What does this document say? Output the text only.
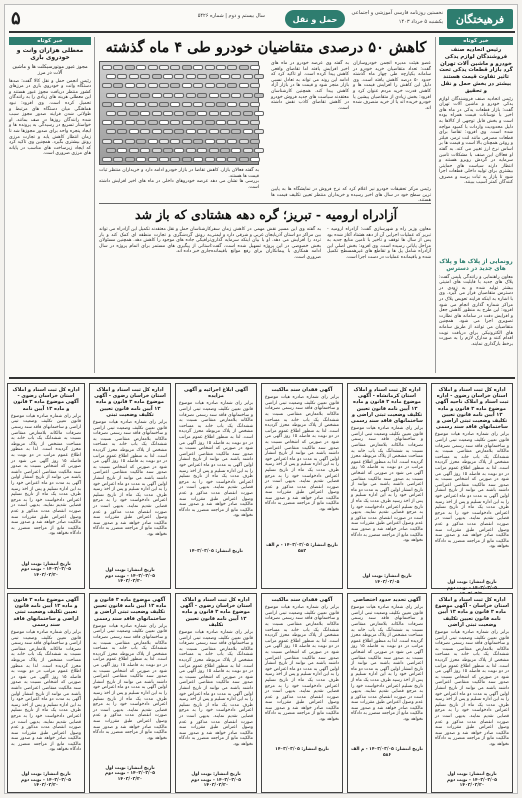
فرهیختگان
نخستین روزنامه فارسی آموزشی و اجتماعی
یکشنبه ۵ خرداد ۱۴۰۳
سال بیستم و دوم | شماره ۵۴۲۶	حمل و نقل
۵
خبر کوتاه
رئیس اتحادیه صنف فروشندگان لوازم یدکی خودرو و ماشین آلات تهران گرد بازار قطعات یدکی تحت تاثیر تفاوت قیمت هستند بیشتر در بخش حمل و نقل و تحقیق
رئیس اتحادیه صنف فروشندگان لوازم یدکی خودرو و ماشین آلات تهران گفت: بازار قطعات یدکی در ماه های اخیر با نوسانات قیمت همراه بوده است و بخش قابل توجهی از کالاها به دلیل محدودیت واردات با کمبود مواجه شده است. وی افزود: تقاضا برای قطعات مصرفی مانند لنت ترمز، فیلتر و روغن همچنان بالا است و قیمت ها بر اساس نرخ ارز تغییر می کند. به گفته او فعالان این صنف با مشکلات تامین سرمایه در گردش روبرو هستند و انتظار دارند سیاست های حمایتی بیشتری برای تولید داخلی قطعات اجرا شود تا بازار به ثبات برسد و مصرف کنندگان کمتر آسیب ببینند.
رونمایی از پلاک ها و پلاک های جدید در دسترس
معاون راهنمایی و رانندگی پلیس گفت: پلاک های جدید با قابلیت های امنیتی بیشتر تولید شده و به زودی در دسترس متقاضیان قرار می گیرد. وی با اشاره به اینکه فرایند تعویض پلاک در مراکز شماره گذاری انجام می شود افزود: این طرح به منظور کاهش جعل و افزایش دقت در سامانه های نظارت تصویری اجرا می شود. همچنین متقاضیان می توانند از طریق سامانه های الکترونیکی برای دریافت نوبت اقدام کنند و مدارک لازم را به صورت برخط بارگذاری نمایند.
خبر کوتاه
معطلی هزاران وانت و خودروی باری
مجوز عبور موتورسیکلت ها و ماشین آلات در مرز
رئیس انجمن حمل و نقل کالا گفت: صدها دستگاه وانت و خودروی باری در مرزهای کشور منتظر دریافت مجوز عبور هستند و این معطلی هزینه های زیادی را به رانندگان تحمیل کرده است. وی افزود: نبود هماهنگی میان دستگاه های مرتبط و طولانی شدن فرایند صدور مجوز سبب شده رانندگان روزها در صف بمانند. او خواستار تسریع در رسیدگی به پرونده ها و ایجاد پنجره واحد برای صدور مجوزها شد تا زمان انتظار کاهش یابد و تجارت مرزی رونق بیشتری بگیرد. همچنین وی تاکید کرد که ایجاد زیرساخت های مناسب در پایانه های مرزی ضروری است.
کاهش ۵۰ درصدی متقاضیان خودرو طی ۴ ماه گذشته
عضو هیئت مدیره انجمن خودروسازان گفت: تعداد متقاضیان خرید خودرو در سامانه یکپارچه طی چهار ماه گذشته حدود ۵۰ درصد کاهش یافته است. وی دلیل این کاهش را افزایش قیمت ها و کاهش قدرت خرید مردم عنوان کرد و افزود: بخش زیادی از متقاضیان پیشین یا خودرو خریده اند یا از خرید منصرف شده اند.
به گفته وی عرضه خودرو در ماه های اخیر افزایش یافته اما تقاضای واقعی کاهش پیدا کرده است. او تاکید کرد که ادامه این روند می تواند به تعادل نسبی بازار منجر شود و قیمت ها در بازار آزاد کاهش پیدا کند. همچنین کارشناسان معتقدند سیاست های جدید فروش خودرو در کاهش تقاضای کاذب نقش داشته است.
به گفته فعالان بازار، کاهش تقاضا در بازار خودرو ادامه دارد و خریداران منتظر ثبات قیمت ها هستند.
بررسی ها نشان می دهد عرضه خودروهای داخلی در ماه های اخیر افزایش داشته است.	رئیس مرکز تحقیقات خودرو نیز اعلام کرد که نرخ فروش در نمایشگاه ها به پایین ترین سطح خود در سال های اخیر رسیده و خریداران منتظر تعیین تکلیف قیمت ها هستند.
آزادراه ارومیه - تبریز؛ گره دهه هشتادی که باز شد
معاون وزیر راه و شهرسازی گفت: آزادراه ارومیه - تبریز که عملیات اجرایی آن از دهه هشتاد آغاز شده بود پس از سال ها توقف و تاخیر با تامین منابع جدید به مراحل پایانی رسیده است. وی افزود: بخش اصلی این آزادراه شامل پل ها و تقاطع های غیرهمسطح تکمیل شده و باقیمانده عملیات در دست اجرا است.
به گفته وی این مسیر نقش مهمی در کاهش زمان سفر بین مراکز دو استان آذربایجان غربی و شرقی دارد و ایمنی تردد را افزایش می دهد. او با بیان اینکه سرمایه گذاری بخش خصوصی در این پروژه تسهیل شده است، گفت: ادامه همکاری با پیمانکاران برای رفع موانع باقیمانده ضروری است.
کارشناسان حمل و نقل معتقدند تکمیل این آزادراه می تواند به رونق گردشگری و تجارت منطقه ای کمک کند و بار ترافیکی جاده های موجود را کاهش دهد. همچنین مسئولان استانی از پیگیری های مستمر برای اتمام پروژه در سال جاری خبر داده اند.
اداره کل ثبت اسناد و املاک استان خراسان رضوی - اداره ثبت اسناد و املاک ناحیه آگهی موضوع ماده ۳ قانون و ماده ۱۳ آیین نامه قانون تعیین تکلیف وضعیت ثبتی اراضی و ساختمانهای فاقد سند رسمی
برابر رای شماره صادره هیات موضوع قانون تعیین تکلیف وضعیت ثبتی اراضی و ساختمانهای فاقد سند رسمی تصرفات مالکانه بلامعارض متقاضی نسبت به ششدانگ یک باب خانه به مساحت مشخص از پلاک مربوطه محرز گردیده است. لذا به منظور اطلاع عموم مراتب در دو نوبت به فاصله ۱۵ روز آگهی می شود در صورتی که اشخاص نسبت به صدور سند مالکیت متقاضی اعتراضی داشته باشند می توانند از تاریخ انتشار اولین آگهی به مدت دو ماه اعتراض خود را به این اداره تسلیم و پس از اخذ رسید ظرف مدت یک ماه از تاریخ تسلیم اعتراض دادخواست خود را به مرجع قضایی تقدیم نمایند. بدیهی است در صورت انقضای مدت مذکور و عدم وصول اعتراض طبق مقررات سند مالکیت صادر خواهد شد و صدور سند مالکیت مانع از مراجعه متضرر به دادگاه نخواهد بود.
تاریخ انتشار: نوبت اول ۱۴۰۳/۰۳/۰۵ - نوبت دوم
اداره کل ثبت اسناد و املاک استان کرمانشاه - آگهی موضوع ماده ۳ قانون و ماده ۱۳ آیین نامه قانون تعیین تکلیف وضعیت ثبتی اراضی و ساختمانهای فاقد سند رسمی
برابر رای شماره صادره هیات موضوع قانون تعیین تکلیف وضعیت ثبتی اراضی و ساختمانهای فاقد سند رسمی تصرفات مالکانه بلامعارض متقاضی نسبت به ششدانگ یک باب خانه به مساحت مشخص از پلاک مربوطه محرز گردیده است. لذا به منظور اطلاع عموم مراتب در دو نوبت به فاصله ۱۵ روز آگهی می شود در صورتی که اشخاص نسبت به صدور سند مالکیت متقاضی اعتراضی داشته باشند می توانند از تاریخ انتشار اولین آگهی به مدت دو ماه اعتراض خود را به این اداره تسلیم و پس از اخذ رسید ظرف مدت یک ماه از تاریخ تسلیم اعتراض دادخواست خود را به مرجع قضایی تقدیم نمایند. بدیهی است در صورت انقضای مدت مذکور و عدم وصول اعتراض طبق مقررات سند مالکیت صادر خواهد شد و صدور سند مالکیت مانع از مراجعه متضرر به دادگاه نخواهد بود.
تاریخ انتشار: نوبت اول ۱۴۰۳/۰۳/۰۵
آگهی فقدان سند مالکیت
برابر رای شماره صادره هیات موضوع قانون تعیین تکلیف وضعیت ثبتی اراضی و ساختمانهای فاقد سند رسمی تصرفات مالکانه بلامعارض متقاضی نسبت به ششدانگ یک باب خانه به مساحت مشخص از پلاک مربوطه محرز گردیده است. لذا به منظور اطلاع عموم مراتب در دو نوبت به فاصله ۱۵ روز آگهی می شود در صورتی که اشخاص نسبت به صدور سند مالکیت متقاضی اعتراضی داشته باشند می توانند از تاریخ انتشار اولین آگهی به مدت دو ماه اعتراض خود را به این اداره تسلیم و پس از اخذ رسید ظرف مدت یک ماه از تاریخ تسلیم اعتراض دادخواست خود را به مرجع قضایی تقدیم نمایند. بدیهی است در صورت انقضای مدت مذکور و عدم وصول اعتراض طبق مقررات سند مالکیت صادر خواهد شد و صدور سند مالکیت مانع از مراجعه متضرر به دادگاه نخواهد بود.
تاریخ انتشار: ۱۴۰۳/۰۳/۰۵ - م الف ۵۸۲
آگهی ابلاغ اجرائیه و آگهی مزایده
برابر رای شماره صادره هیات موضوع قانون تعیین تکلیف وضعیت ثبتی اراضی و ساختمانهای فاقد سند رسمی تصرفات مالکانه بلامعارض متقاضی نسبت به ششدانگ یک باب خانه به مساحت مشخص از پلاک مربوطه محرز گردیده است. لذا به منظور اطلاع عموم مراتب در دو نوبت به فاصله ۱۵ روز آگهی می شود در صورتی که اشخاص نسبت به صدور سند مالکیت متقاضی اعتراضی داشته باشند می توانند از تاریخ انتشار اولین آگهی به مدت دو ماه اعتراض خود را به این اداره تسلیم و پس از اخذ رسید ظرف مدت یک ماه از تاریخ تسلیم اعتراض دادخواست خود را به مرجع قضایی تقدیم نمایند. بدیهی است در صورت انقضای مدت مذکور و عدم وصول اعتراض طبق مقررات سند مالکیت صادر خواهد شد و صدور سند مالکیت مانع از مراجعه متضرر به دادگاه نخواهد بود.
تاریخ انتشار: ۱۴۰۳/۰۳/۰۵
اداره کل ثبت اسناد و املاک استان خراسان رضوی - آگهی موضوع ماده ۳ قانون و ماده ۱۳ آیین نامه قانون تعیین تکلیف وضعیت ثبتی
برابر رای شماره صادره هیات موضوع قانون تعیین تکلیف وضعیت ثبتی اراضی و ساختمانهای فاقد سند رسمی تصرفات مالکانه بلامعارض متقاضی نسبت به ششدانگ یک باب خانه به مساحت مشخص از پلاک مربوطه محرز گردیده است. لذا به منظور اطلاع عموم مراتب در دو نوبت به فاصله ۱۵ روز آگهی می شود در صورتی که اشخاص نسبت به صدور سند مالکیت متقاضی اعتراضی داشته باشند می توانند از تاریخ انتشار اولین آگهی به مدت دو ماه اعتراض خود را به این اداره تسلیم و پس از اخذ رسید ظرف مدت یک ماه از تاریخ تسلیم اعتراض دادخواست خود را به مرجع قضایی تقدیم نمایند. بدیهی است در صورت انقضای مدت مذکور و عدم وصول اعتراض طبق مقررات سند مالکیت صادر خواهد شد و صدور سند مالکیت مانع از مراجعه متضرر به دادگاه نخواهد بود.
تاریخ انتشار: نوبت اول ۱۴۰۳/۰۳/۰۵ - نوبت دوم ۱۴۰۳/۰۳/۲۰
اداره کل ثبت اسناد و املاک استان خراسان رضوی - آگهی موضوع ماده ۳ قانون و ماده ۱۳ آیین نامه
برابر رای شماره صادره هیات موضوع قانون تعیین تکلیف وضعیت ثبتی اراضی و ساختمانهای فاقد سند رسمی تصرفات مالکانه بلامعارض متقاضی نسبت به ششدانگ یک باب خانه به مساحت مشخص از پلاک مربوطه محرز گردیده است. لذا به منظور اطلاع عموم مراتب در دو نوبت به فاصله ۱۵ روز آگهی می شود در صورتی که اشخاص نسبت به صدور سند مالکیت متقاضی اعتراضی داشته باشند می توانند از تاریخ انتشار اولین آگهی به مدت دو ماه اعتراض خود را به این اداره تسلیم و پس از اخذ رسید ظرف مدت یک ماه از تاریخ تسلیم اعتراض دادخواست خود را به مرجع قضایی تقدیم نمایند. بدیهی است در صورت انقضای مدت مذکور و عدم وصول اعتراض طبق مقررات سند مالکیت صادر خواهد شد و صدور سند مالکیت مانع از مراجعه متضرر به دادگاه نخواهد بود.
تاریخ انتشار: نوبت اول ۱۴۰۳/۰۳/۰۵ - نوبت دوم ۱۴۰۳/۰۳/۲۰
اداره کل ثبت اسناد و املاک استان خراسان - آگهی موضوع ماده ۳ قانون و ماده ۱۳ آیین نامه قانون تعیین تکلیف وضعیت ثبتی اراضی
برابر رای شماره صادره هیات موضوع قانون تعیین تکلیف وضعیت ثبتی اراضی و ساختمانهای فاقد سند رسمی تصرفات مالکانه بلامعارض متقاضی نسبت به ششدانگ یک باب خانه به مساحت مشخص از پلاک مربوطه محرز گردیده است. لذا به منظور اطلاع عموم مراتب در دو نوبت به فاصله ۱۵ روز آگهی می شود در صورتی که اشخاص نسبت به صدور سند مالکیت متقاضی اعتراضی داشته باشند می توانند از تاریخ انتشار اولین آگهی به مدت دو ماه اعتراض خود را به این اداره تسلیم و پس از اخذ رسید ظرف مدت یک ماه از تاریخ تسلیم اعتراض دادخواست خود را به مرجع قضایی تقدیم نمایند. بدیهی است در صورت انقضای مدت مذکور و عدم وصول اعتراض طبق مقررات سند مالکیت صادر خواهد شد و صدور سند مالکیت مانع از مراجعه متضرر به دادگاه نخواهد بود.
تاریخ انتشار: نوبت اول ۱۴۰۳/۰۳/۰۵ - نوبت دوم ۱۴۰۳/۰۳/۲۰
آگهی تحدید حدود اختصاصی
برابر رای شماره صادره هیات موضوع قانون تعیین تکلیف وضعیت ثبتی اراضی و ساختمانهای فاقد سند رسمی تصرفات مالکانه بلامعارض متقاضی نسبت به ششدانگ یک باب خانه به مساحت مشخص از پلاک مربوطه محرز گردیده است. لذا به منظور اطلاع عموم مراتب در دو نوبت به فاصله ۱۵ روز آگهی می شود در صورتی که اشخاص نسبت به صدور سند مالکیت متقاضی اعتراضی داشته باشند می توانند از تاریخ انتشار اولین آگهی به مدت دو ماه اعتراض خود را به این اداره تسلیم و پس از اخذ رسید ظرف مدت یک ماه از تاریخ تسلیم اعتراض دادخواست خود را به مرجع قضایی تقدیم نمایند. بدیهی است در صورت انقضای مدت مذکور و عدم وصول اعتراض طبق مقررات سند مالکیت صادر خواهد شد و صدور سند مالکیت مانع از مراجعه متضرر به دادگاه نخواهد بود.
تاریخ انتشار: ۱۴۰۳/۰۳/۰۵ - م الف ۵۸۶
آگهی فقدان سند مالکیت
برابر رای شماره صادره هیات موضوع قانون تعیین تکلیف وضعیت ثبتی اراضی و ساختمانهای فاقد سند رسمی تصرفات مالکانه بلامعارض متقاضی نسبت به ششدانگ یک باب خانه به مساحت مشخص از پلاک مربوطه محرز گردیده است. لذا به منظور اطلاع عموم مراتب در دو نوبت به فاصله ۱۵ روز آگهی می شود در صورتی که اشخاص نسبت به صدور سند مالکیت متقاضی اعتراضی داشته باشند می توانند از تاریخ انتشار اولین آگهی به مدت دو ماه اعتراض خود را به این اداره تسلیم و پس از اخذ رسید ظرف مدت یک ماه از تاریخ تسلیم اعتراض دادخواست خود را به مرجع قضایی تقدیم نمایند. بدیهی است در صورت انقضای مدت مذکور و عدم وصول اعتراض طبق مقررات سند مالکیت صادر خواهد شد و صدور سند مالکیت مانع از مراجعه متضرر به دادگاه نخواهد بود.
تاریخ انتشار: ۱۴۰۳/۰۳/۰۵
اداره کل ثبت اسناد و املاک استان خراسان رضوی - آگهی موضوع ماده ۳ قانون و ماده ۱۳ آیین نامه قانون تعیین تکلیف
برابر رای شماره صادره هیات موضوع قانون تعیین تکلیف وضعیت ثبتی اراضی و ساختمانهای فاقد سند رسمی تصرفات مالکانه بلامعارض متقاضی نسبت به ششدانگ یک باب خانه به مساحت مشخص از پلاک مربوطه محرز گردیده است. لذا به منظور اطلاع عموم مراتب در دو نوبت به فاصله ۱۵ روز آگهی می شود در صورتی که اشخاص نسبت به صدور سند مالکیت متقاضی اعتراضی داشته باشند می توانند از تاریخ انتشار اولین آگهی به مدت دو ماه اعتراض خود را به این اداره تسلیم و پس از اخذ رسید ظرف مدت یک ماه از تاریخ تسلیم اعتراض دادخواست خود را به مرجع قضایی تقدیم نمایند. بدیهی است در صورت انقضای مدت مذکور و عدم وصول اعتراض طبق مقررات سند مالکیت صادر خواهد شد و صدور سند مالکیت مانع از مراجعه متضرر به دادگاه نخواهد بود.
تاریخ انتشار: نوبت اول ۱۴۰۳/۰۳/۰۵ - نوبت دوم ۱۴۰۳/۰۳/۲۰
آگهی موضوع ماده ۳ قانون و ماده ۱۳ آیین نامه قانون تعیین تکلیف وضعیت ثبتی اراضی و ساختمانهای فاقد سند رسمی
برابر رای شماره صادره هیات موضوع قانون تعیین تکلیف وضعیت ثبتی اراضی و ساختمانهای فاقد سند رسمی تصرفات مالکانه بلامعارض متقاضی نسبت به ششدانگ یک باب خانه به مساحت مشخص از پلاک مربوطه محرز گردیده است. لذا به منظور اطلاع عموم مراتب در دو نوبت به فاصله ۱۵ روز آگهی می شود در صورتی که اشخاص نسبت به صدور سند مالکیت متقاضی اعتراضی داشته باشند می توانند از تاریخ انتشار اولین آگهی به مدت دو ماه اعتراض خود را به این اداره تسلیم و پس از اخذ رسید ظرف مدت یک ماه از تاریخ تسلیم اعتراض دادخواست خود را به مرجع قضایی تقدیم نمایند. بدیهی است در صورت انقضای مدت مذکور و عدم وصول اعتراض طبق مقررات سند مالکیت صادر خواهد شد و صدور سند مالکیت مانع از مراجعه متضرر به دادگاه نخواهد بود.
تاریخ انتشار: نوبت اول ۱۴۰۳/۰۳/۰۵ - نوبت دوم ۱۴۰۳/۰۳/۲۰
آگهی موضوع ماده ۳ قانون و ماده ۱۳ آیین نامه قانون تعیین تکلیف وضعیت ثبتی اراضی و ساختمانهای فاقد سند رسمی
برابر رای شماره صادره هیات موضوع قانون تعیین تکلیف وضعیت ثبتی اراضی و ساختمانهای فاقد سند رسمی تصرفات مالکانه بلامعارض متقاضی نسبت به ششدانگ یک باب خانه به مساحت مشخص از پلاک مربوطه محرز گردیده است. لذا به منظور اطلاع عموم مراتب در دو نوبت به فاصله ۱۵ روز آگهی می شود در صورتی که اشخاص نسبت به صدور سند مالکیت متقاضی اعتراضی داشته باشند می توانند از تاریخ انتشار اولین آگهی به مدت دو ماه اعتراض خود را به این اداره تسلیم و پس از اخذ رسید ظرف مدت یک ماه از تاریخ تسلیم اعتراض دادخواست خود را به مرجع قضایی تقدیم نمایند. بدیهی است در صورت انقضای مدت مذکور و عدم وصول اعتراض طبق مقررات سند مالکیت صادر خواهد شد و صدور سند مالکیت مانع از مراجعه متضرر به دادگاه نخواهد بود.
تاریخ انتشار: نوبت اول ۱۴۰۳/۰۳/۰۵ - نوبت دوم ۱۴۰۳/۰۳/۲۰
